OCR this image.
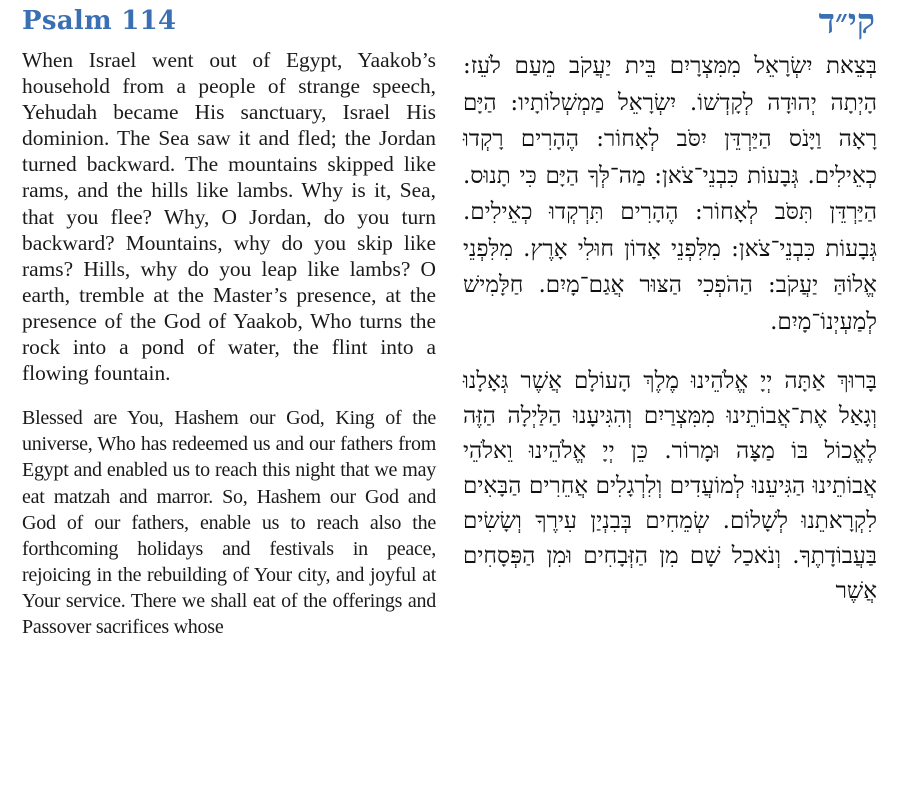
Psalm 114	קי״ד

When Israel went out of Egypt, Yaakob’s household from a people of strange speech, Yehudah became His sanctuary, Israel His dominion. The Sea saw it and fled; the Jordan turned backward. The mountains skipped like rams, and the hills like lambs. Why is it, Sea, that you flee? Why, O Jordan, do you turn backward? Mountains, why do you skip like rams? Hills, why do you leap like lambs? O earth, tremble at the Master’s presence, at the presence of the God of Yaakob, Who turns the rock into a pond of water, the flint into a flowing fountain.

Blessed are You, Hashem our God, King of the universe, Who has redeemed us and our fathers from Egypt and enabled us to reach this night that we may eat matzah and marror. So, Hashem our God and God of our fathers, enable us to reach also the forthcoming holidays and festivals in peace, rejoicing in the rebuilding of Your city, and joyful at Your service. There we shall eat of the offerings and Passover sacrifices whose

בְּצֵאת יִשְׂרָאֵל מִמִּצְרָיִם בֵּית יַעֲקֹב מֵעַם לֹעֵז: הָיְתָה יְהוּדָה לְקָדְשׁוֹ. יִשְׂרָאֵל מַמְשְׁלוֹתָיו: הַיָּם רָאָה וַיָּנֹס הַיַּרְדֵּן יִסֹּב לְאָחוֹר: הֶהָרִים רָקְדוּ כְאֵילִים. גְּבָעוֹת כִּבְנֵי־צֹאן: מַה־לְּךָ הַיָּם כִּי תָנוּס. הַיַּרְדֵּן תִּסֹּב לְאָחוֹר: הֶהָרִים תִּרְקְדוּ כְאֵילִים. גְּבָעוֹת כִּבְנֵי־צֹאן: מִלִּפְנֵי אָדוֹן חוּלִי אָרֶץ. מִלִּפְנֵי אֱלוֹהַּ יַעֲקֹב: הַהֹפְכִי הַצּוּר אֲגַם־מָיִם. חַלָּמִישׁ לְמַעְיְנוֹ־מָיִם.

בָּרוּךְ אַתָּה יְיָ אֱלֹהֵינוּ מֶלֶךְ הָעוֹלָם אֲשֶׁר גְּאָלָנוּ וְגָאַל אֶת־אֲבוֹתֵינוּ מִמִּצְרַיִם וְהִגִּיעָנוּ הַלַּיְלָה הַזֶּה לֶאֱכוֹל בּוֹ מַצָּה וּמָרוֹר. כֵּן יְיָ אֱלֹהֵינוּ וֵאלֹהֵי אֲבוֹתֵינוּ הַגִּיעֵנוּ לְמוֹעֲדִים וְלִרְגָלִים אֲחֵרִים הַבָּאִים לִקְרָאתֵנוּ לְשָׁלוֹם. שְׂמֵחִים בְּבִנְיַן עִירֶךָ וְשָׂשִׂים בַּעֲבוֹדָתֶךָ. וְנֹאכַל שָׁם מִן הַזְּבָחִים וּמִן הַפְּסָחִים אֲשֶׁר
